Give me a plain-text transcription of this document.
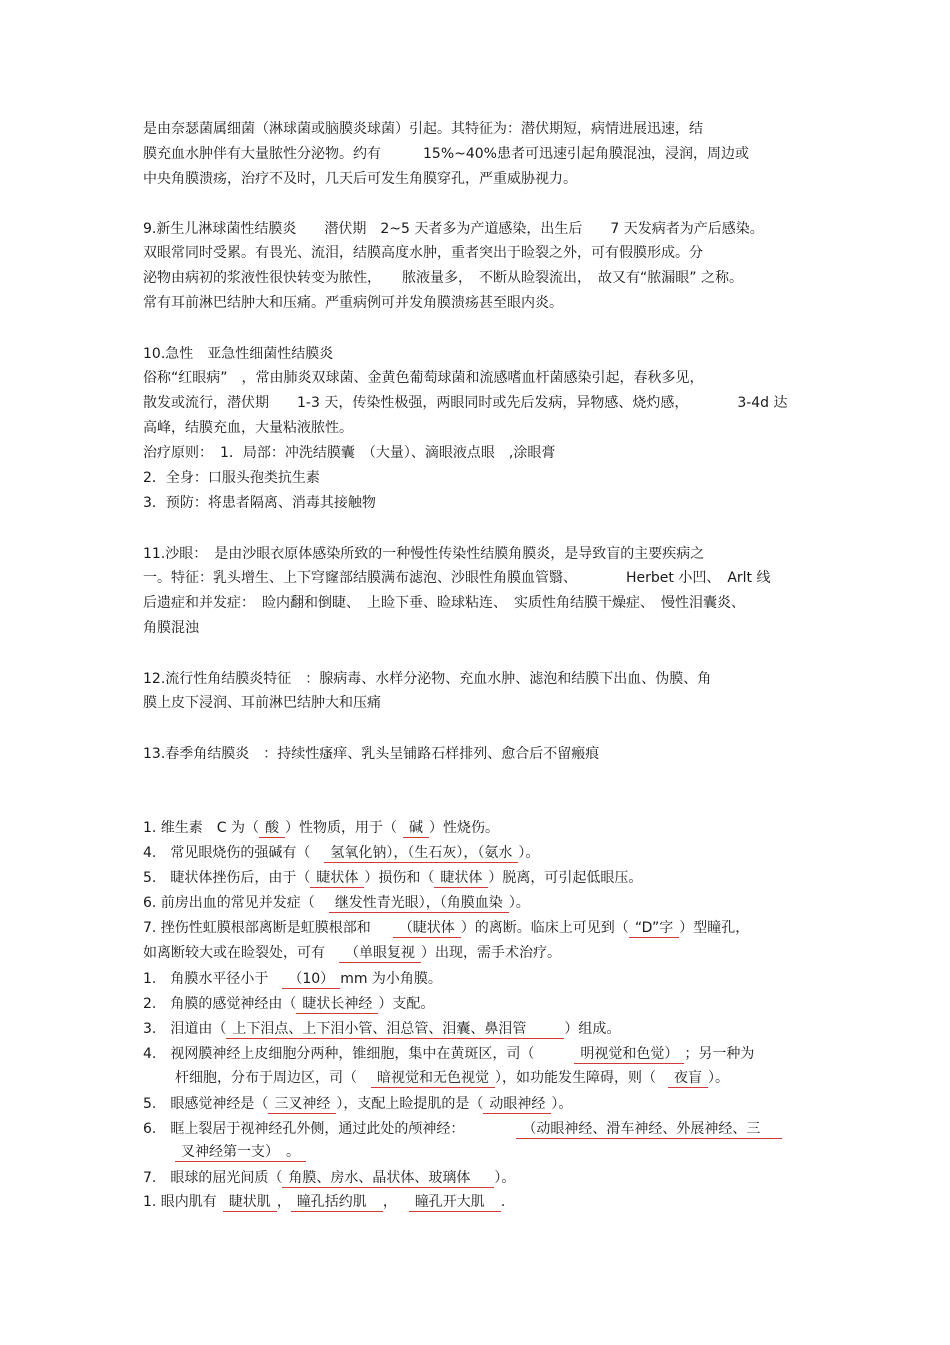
是由奈瑟菌属细菌（淋球菌或脑膜炎球菌）引起。其特征为：潜伏期短，病情进展迅速，结

膜充血水肿伴有大量脓性分泌物。约有　　　15%~40%患者可迅速引起角膜混浊，浸润，周边或

中央角膜溃疡，治疗不及时，几天后可发生角膜穿孔，严重威胁视力。

9.新生儿淋球菌性结膜炎　　潜伏期　2~5 天者多为产道感染，出生后　　7 天发病者为产后感染。

双眼常同时受累。有畏光、流泪，结膜高度水肿，重者突出于睑裂之外，可有假膜形成。分

泌物由病初的浆液性很快转变为脓性，　　脓液量多，　不断从睑裂流出，　故又有“脓漏眼” 之称。

常有耳前淋巴结肿大和压痛。严重病例可并发角膜溃疡甚至眼内炎。

10.急性　亚急性细菌性结膜炎

俗称“红眼病”　，常由肺炎双球菌、金黄色葡萄球菌和流感嗜血杆菌感染引起，春秋多见，

散发或流行，潜伏期　　1-3 天，传染性极强，两眼同时或先后发病，异物感、烧灼感，　　　　3-4d 达

高峰，结膜充血，大量粘液脓性。

治疗原则：　1．局部：冲洗结膜囊　（大量）、滴眼液点眼　,涂眼膏

2．全身：口服头孢类抗生素

3．预防：将患者隔离、消毒其接触物

11.沙眼：　是由沙眼衣原体感染所致的一种慢性传染性结膜角膜炎，是导致盲的主要疾病之

一。特征：乳头增生、上下穹窿部结膜满布滤泡、沙眼性角膜血管翳、　　　　Herbet 小凹、　Arlt 线

后遗症和并发症：　睑内翻和倒睫、　上睑下垂、睑球粘连、　实质性角结膜干燥症、　慢性泪囊炎、

角膜混浊

12.流行性角结膜炎特征　：腺病毒、水样分泌物、充血水肿、滤泡和结膜下出血、伪膜、角

膜上皮下浸润、耳前淋巴结肿大和压痛

13.春季角结膜炎　：持续性瘙痒、乳头呈铺路石样排列、愈合后不留瘢痕

1. 维生素　C 为（ 酸 ）性物质，用于（ 碱 ）性烧伤。

4.　常见眼烧伤的强碱有（ 氢氧化钠），（生石灰），（氨水 ）。

5.　睫状体挫伤后，由于（ 睫状体 ）损伤和（ 睫状体 ）脱离，可引起低眼压。

6. 前房出血的常见并发症（ 继发性青光眼），（角膜血染 ）。

7. 挫伤性虹膜根部离断是虹膜根部和 （睫状体 ）的离断。临床上可见到（ “D”字 ）型瞳孔，

如离断较大或在睑裂处，可有 （单眼复视 ）出现，需手术治疗。

1.　角膜水平径小于 （10） mm 为小角膜。

2.　角膜的感觉神经由（ 睫状长神经 ）支配。

3.　泪道由（ 上下泪点、上下泪小管、泪总管、泪囊、鼻泪管	）组成。

4.　视网膜神经上皮细胞分两种，锥细胞，集中在黄斑区，司（	明视觉和色觉） ；另一种为

杆细胞，分布于周边区，司（ 暗视觉和无色视觉 ），如功能发生障碍，则（ 夜盲 ）。

5.　眼感觉神经是（ 三叉神经 ），支配上睑提肌的是（ 动眼神经 ）。

6.　眶上裂居于视神经孔外侧，通过此处的颅神经：	（动眼神经、滑车神经、外展神经、三

叉神经第一支）　。

7.　眼球的屈光间质（ 角膜、房水、晶状体、玻璃体 ）。

1. 眼内肌有 睫状肌 ， 瞳孔括约肌 ， 瞳孔开大肌 .
